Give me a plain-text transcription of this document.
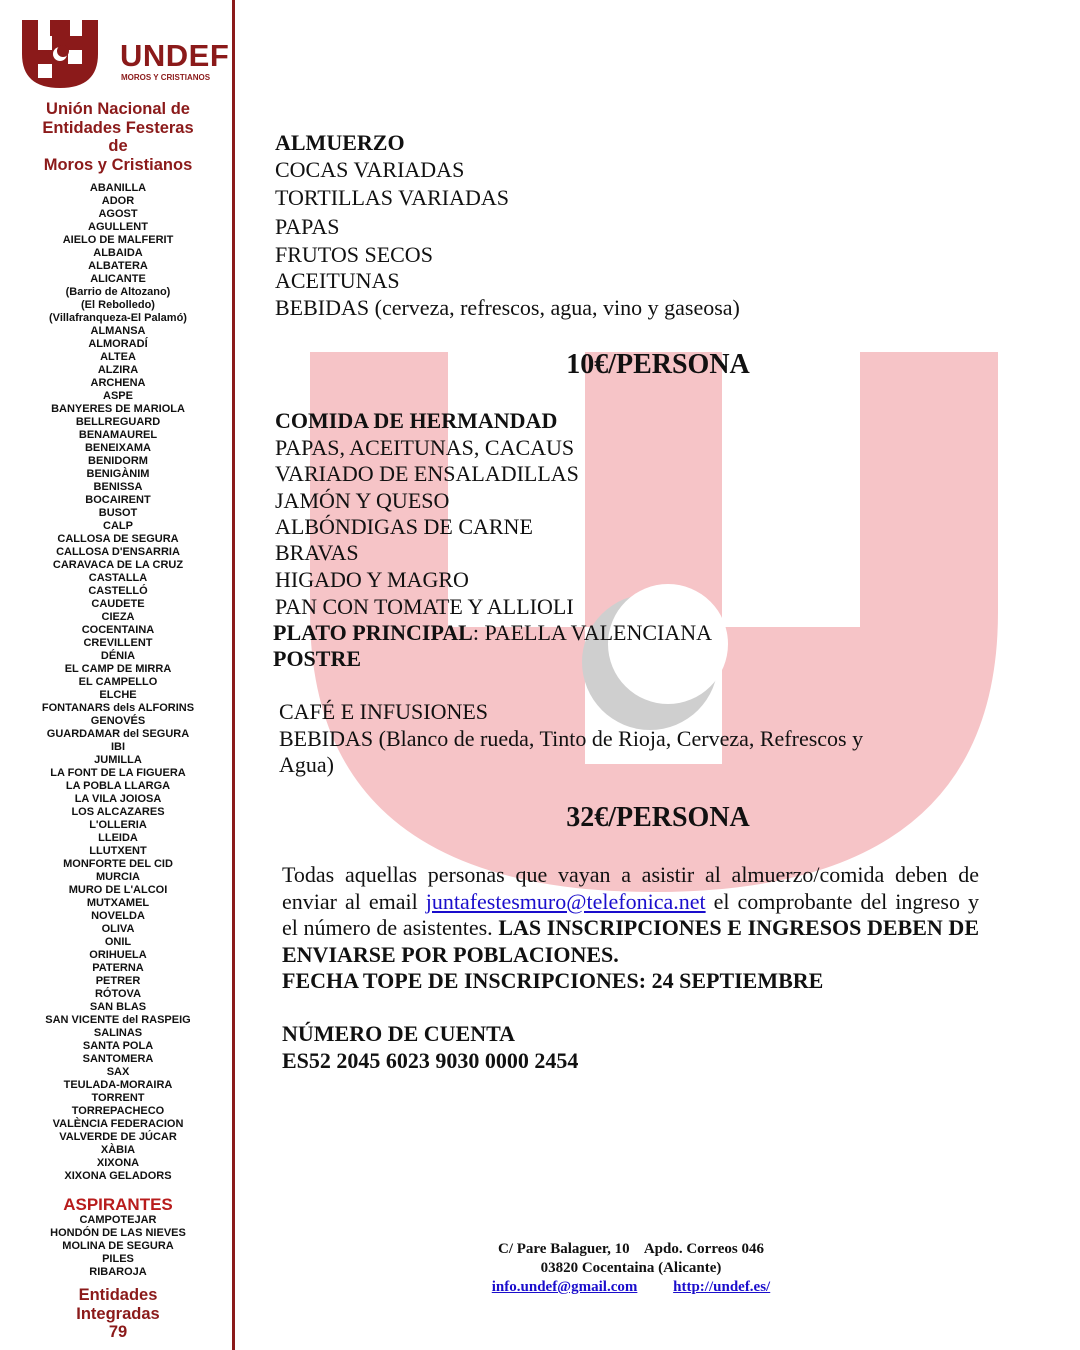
UNDEF
MOROS Y CRISTIANOS
Unión Nacional de
Entidades Festeras
de
Moros y Cristianos
ABANILLA
ADOR
AGOST
AGULLENT
AIELO DE MALFERIT
ALBAIDA
ALBATERA
ALICANTE
(Barrio de Altozano)
(El Rebolledo)
(Villafranqueza-El Palamó)
ALMANSA
ALMORADÍ
ALTEA
ALZIRA
ARCHENA
ASPE
BANYERES DE MARIOLA
BELLREGUARD
BENAMAUREL
BENEIXAMA
BENIDORM
BENIGÀNIM
BENISSA
BOCAIRENT
BUSOT
CALP
CALLOSA DE SEGURA
CALLOSA D'ENSARRIA
CARAVACA DE LA CRUZ
CASTALLA
CASTELLÓ
CAUDETE
CIEZA
COCENTAINA
CREVILLENT
DÉNIA
EL CAMP DE MIRRA
EL CAMPELLO
ELCHE
FONTANARS dels ALFORINS
GENOVÉS
GUARDAMAR del SEGURA
IBI
JUMILLA
LA FONT DE LA FIGUERA
LA POBLA LLARGA
LA VILA JOIOSA
LOS ALCAZARES
L'OLLERIA
LLEIDA
LLUTXENT
MONFORTE DEL CID
MURCIA
MURO DE L'ALCOI
MUTXAMEL
NOVELDA
OLIVA
ONIL
ORIHUELA
PATERNA
PETRER
RÓTOVA
SAN BLAS
SAN VICENTE del RASPEIG
SALINAS
SANTA POLA
SANTOMERA
SAX
TEULADA-MORAIRA
TORRENT
TORREPACHECO
VALÈNCIA FEDERACION
VALVERDE DE JÚCAR
XÀBIA
XIXONA
XIXONA GELADORS
ASPIRANTES
CAMPOTEJAR
HONDÓN DE LAS NIEVES
MOLINA DE SEGURA
PILES
RIBAROJA
Entidades
Integradas
79
ALMUERZO
COCAS VARIADAS
TORTILLAS VARIADAS
PAPAS
FRUTOS SECOS
ACEITUNAS
BEBIDAS (cerveza, refrescos, agua, vino y gaseosa)
10€/PERSONA
COMIDA DE HERMANDAD
PAPAS, ACEITUNAS, CACAUS
VARIADO DE ENSALADILLAS
JAMÓN Y QUESO
ALBÓNDIGAS DE CARNE
BRAVAS
HIGADO Y MAGRO
PAN CON TOMATE Y ALLIOLI
PLATO PRINCIPAL: PAELLA VALENCIANA
POSTRE
CAFÉ E INFUSIONES
BEBIDAS (Blanco de rueda, Tinto de Rioja, Cerveza, Refrescos y
Agua)
32€/PERSONA
Todas aquellas personas que vayan a asistir al almuerzo/comida deben de enviar al email juntafestesmuro@telefonica.net el comprobante del ingreso y el número de asistentes. LAS INSCRIPCIONES E INGRESOS DEBEN DE ENVIARSE POR POBLACIONES.
FECHA TOPE DE INSCRIPCIONES: 24 SEPTIEMBRE

NÚMERO DE CUENTA
ES52 2045 6023 9030 0000 2454
C/ Pare Balaguer, 10    Apdo. Correos 046
03820 Cocentaina (Alicante)
info.undef@gmail.com http://undef.es/
